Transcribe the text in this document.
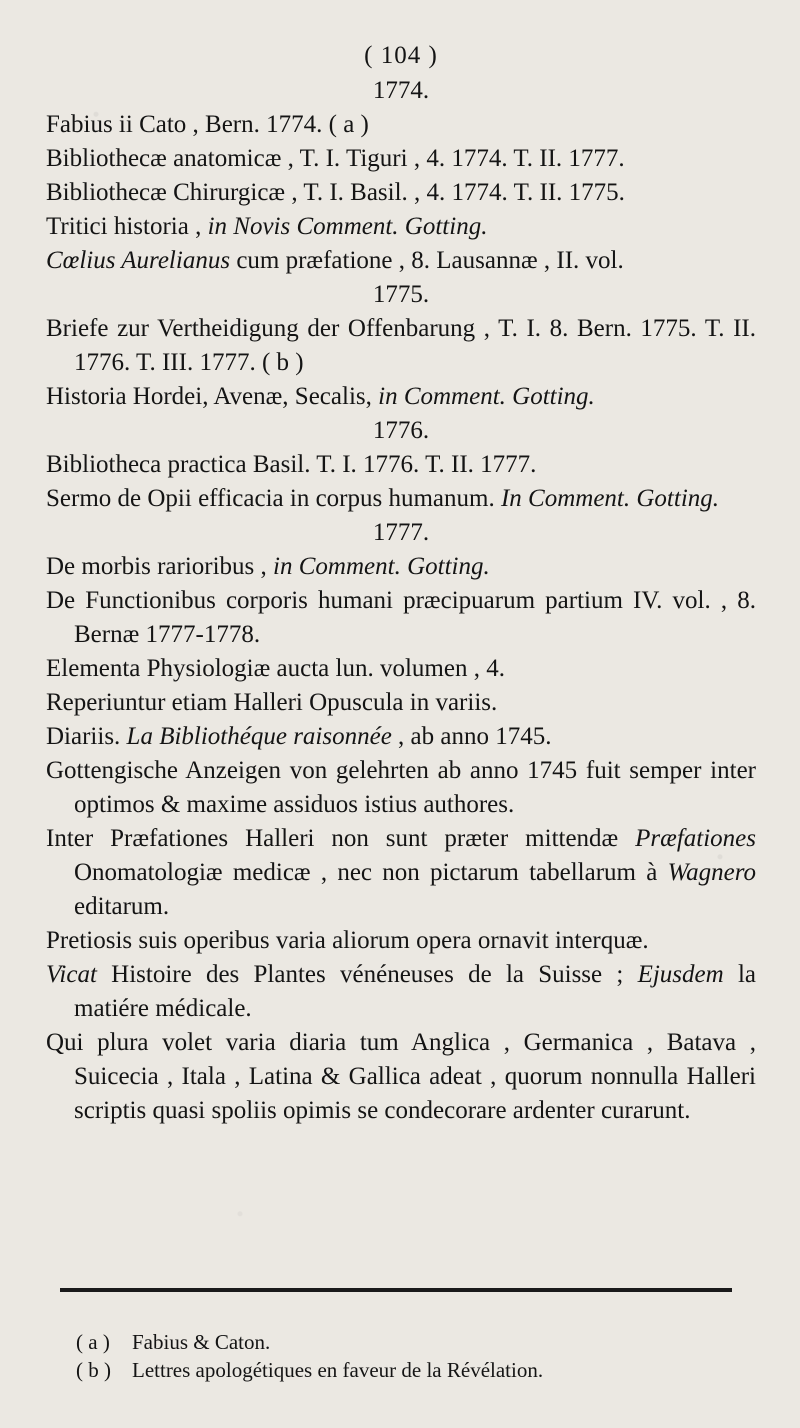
( 104 )
1774.
Fabius ii Cato , Bern. 1774. ( a )
Bibliothecæ anatomicæ , T. I. Tiguri , 4. 1774. T. II. 1777.
Bibliothecæ Chirurgicæ , T. I. Basil. , 4. 1774. T. II. 1775.
Tritici historia , in Novis Comment. Gotting.
Cœlius Aurelianus cum præfatione , 8. Lausannæ , II. vol.
1775.
Briefe zur Vertheidigung der Offenbarung , T. I. 8. Bern. 1775. T. II. 1776. T. III. 1777. ( b )
Historia Hordei, Avenæ, Secalis, in Comment. Gotting.
1776.
Bibliotheca practica Basil. T. I. 1776. T. II. 1777.
Sermo de Opii efficacia in corpus humanum. In Comment. Gotting.
1777.
De morbis rarioribus , in Comment. Gotting.
De Functionibus corporis humani præcipuarum partium IV. vol. , 8. Bernæ 1777-1778.
Elementa Physiologiæ aucta lun. volumen , 4.
Reperiuntur etiam Halleri Opuscula in variis.
Diariis. La Bibliothéque raisonnée , ab anno 1745.
Gottengische Anzeigen von gelehrten ab anno 1745 fuit semper inter optimos & maxime assiduos istius authores.
Inter Præfationes Halleri non sunt præter mittendæ Præfationes Onomatologiæ medicæ , nec non pictarum tabellarum à Wagnero editarum.
Pretiosis suis operibus varia aliorum opera ornavit interquæ.
Vicat Histoire des Plantes vénéneuses de la Suisse ; Ejusdem la matiére médicale.
Qui plura volet varia diaria tum Anglica , Germanica , Batava , Suicecia , Itala , Latina & Gallica adeat , quorum nonnulla Halleri scriptis quasi spoliis opimis se condecorare ardenter curarunt.
( a ) Fabius & Caton.
( b ) Lettres apologétiques en faveur de la Révélation.
